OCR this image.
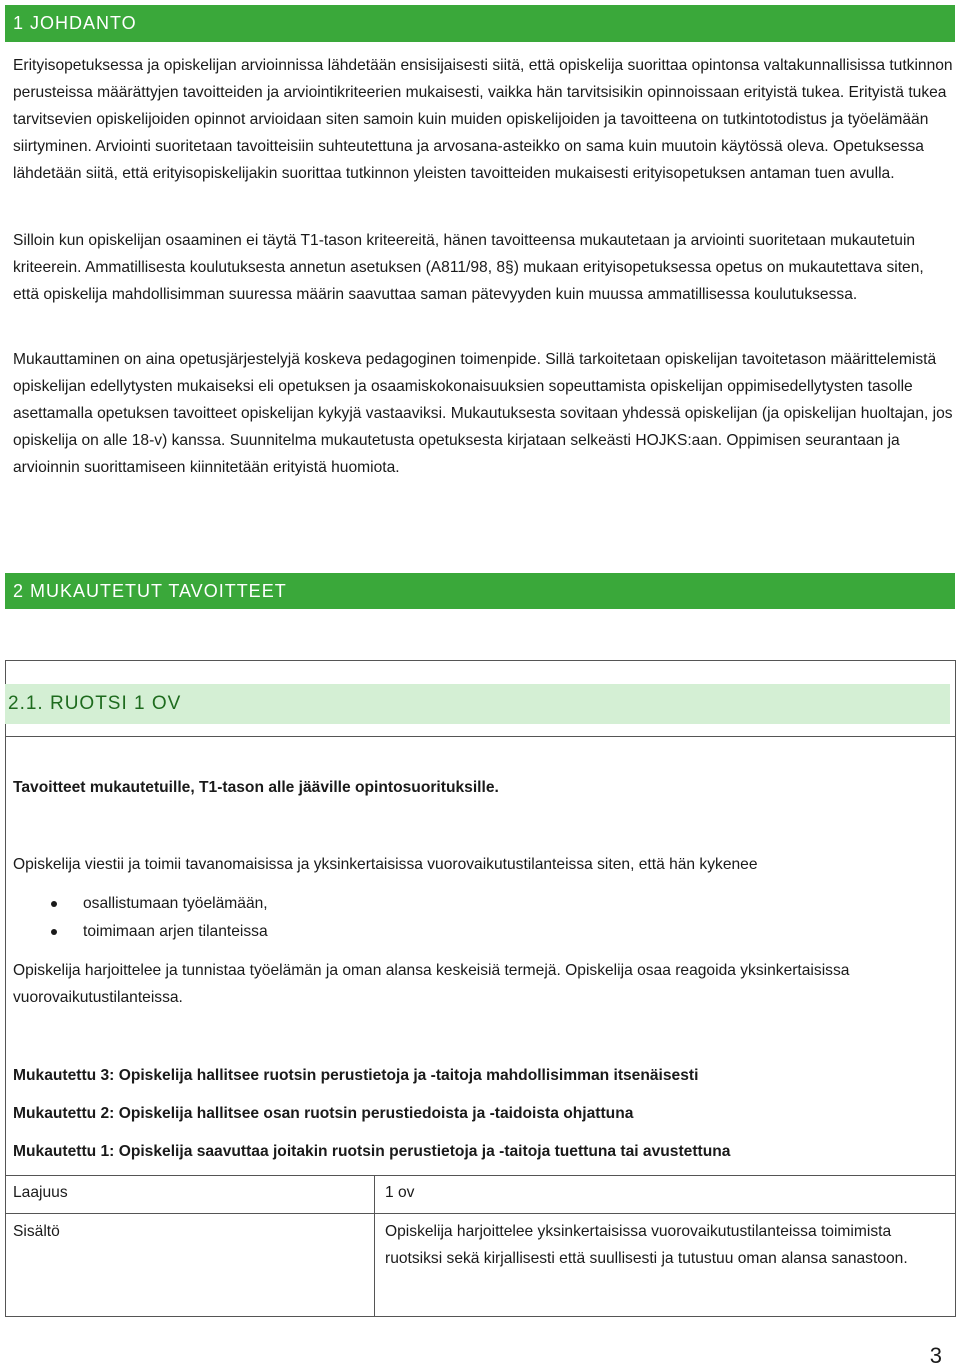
1 JOHDANTO

Erityisopetuksessa ja opiskelijan arvioinnissa lähdetään ensisijaisesti siitä, että opiskelija suorittaa opintonsa valtakunnallisissa tutkinnon perusteissa määrättyjen tavoitteiden ja arviointikriteerien mukaisesti, vaikka hän tarvitsisikin opinnoissaan erityistä tukea. Erityistä tukea tarvitsevien opiskelijoiden opinnot arvioidaan siten samoin kuin muiden opiskelijoiden ja tavoitteena on tutkintotodistus ja työelämään siirtyminen. Arviointi suoritetaan tavoitteisiin suhteutettuna ja arvosana-asteikko on sama kuin muutoin käytössä oleva. Opetuksessa lähdetään siitä, että erityisopiskelijakin suorittaa tutkinnon yleisten tavoitteiden mukaisesti erityisopetuksen antaman tuen avulla.

Silloin kun opiskelijan osaaminen ei täytä T1-tason kriteereitä, hänen tavoitteensa mukautetaan ja arviointi suoritetaan mukautetuin kriteerein. Ammatillisesta koulutuksesta annetun asetuksen (A811/98, 8§) mukaan erityisopetuksessa opetus on mukautettava siten, että opiskelija mahdollisimman suuressa määrin saavuttaa saman pätevyyden kuin muussa ammatillisessa koulutuksessa.

Mukauttaminen on aina opetusjärjestelyjä koskeva pedagoginen toimenpide. Sillä tarkoitetaan opiskelijan tavoitetason määrittelemistä opiskelijan edellytysten mukaiseksi eli opetuksen ja osaamiskokonaisuuksien sopeuttamista opiskelijan oppimisedellytysten tasolle asettamalla opetuksen tavoitteet opiskelijan kykyjä vastaaviksi. Mukautuksesta sovitaan yhdessä opiskelijan (ja opiskelijan huoltajan, jos opiskelija on alle 18-v) kanssa. Suunnitelma mukautetusta opetuksesta kirjataan selkeästi HOJKS:aan. Oppimisen seurantaan ja arvioinnin suorittamiseen kiinnitetään erityistä huomiota.

2 MUKAUTETUT TAVOITTEET
2.1. RUOTSI 1 OV
Tavoitteet mukautetuille, T1-tason alle jääville opintosuorituksille.
Opiskelija viestii ja toimii tavanomaisissa ja yksinkertaisissa vuorovaikutustilanteissa siten, että hän kykenee
osallistumaan työelämään,
toimimaan arjen tilanteissa
Opiskelija harjoittelee ja tunnistaa työelämän ja oman alansa keskeisiä termejä. Opiskelija osaa reagoida yksinkertaisissa vuorovaikutustilanteissa.
Mukautettu 3: Opiskelija hallitsee ruotsin perustietoja ja -taitoja mahdollisimman itsenäisesti
Mukautettu 2: Opiskelija hallitsee osan ruotsin perustiedoista ja -taidoista ohjattuna
Mukautettu 1: Opiskelija saavuttaa joitakin ruotsin perustietoja ja -taitoja tuettuna tai avustettuna
Laajuus	1 ov
Sisältö	Opiskelija harjoittelee yksinkertaisissa vuorovaikutustilanteissa toimimista ruotsiksi sekä kirjallisesti että suullisesti ja tutustuu oman alansa sanastoon.
3
